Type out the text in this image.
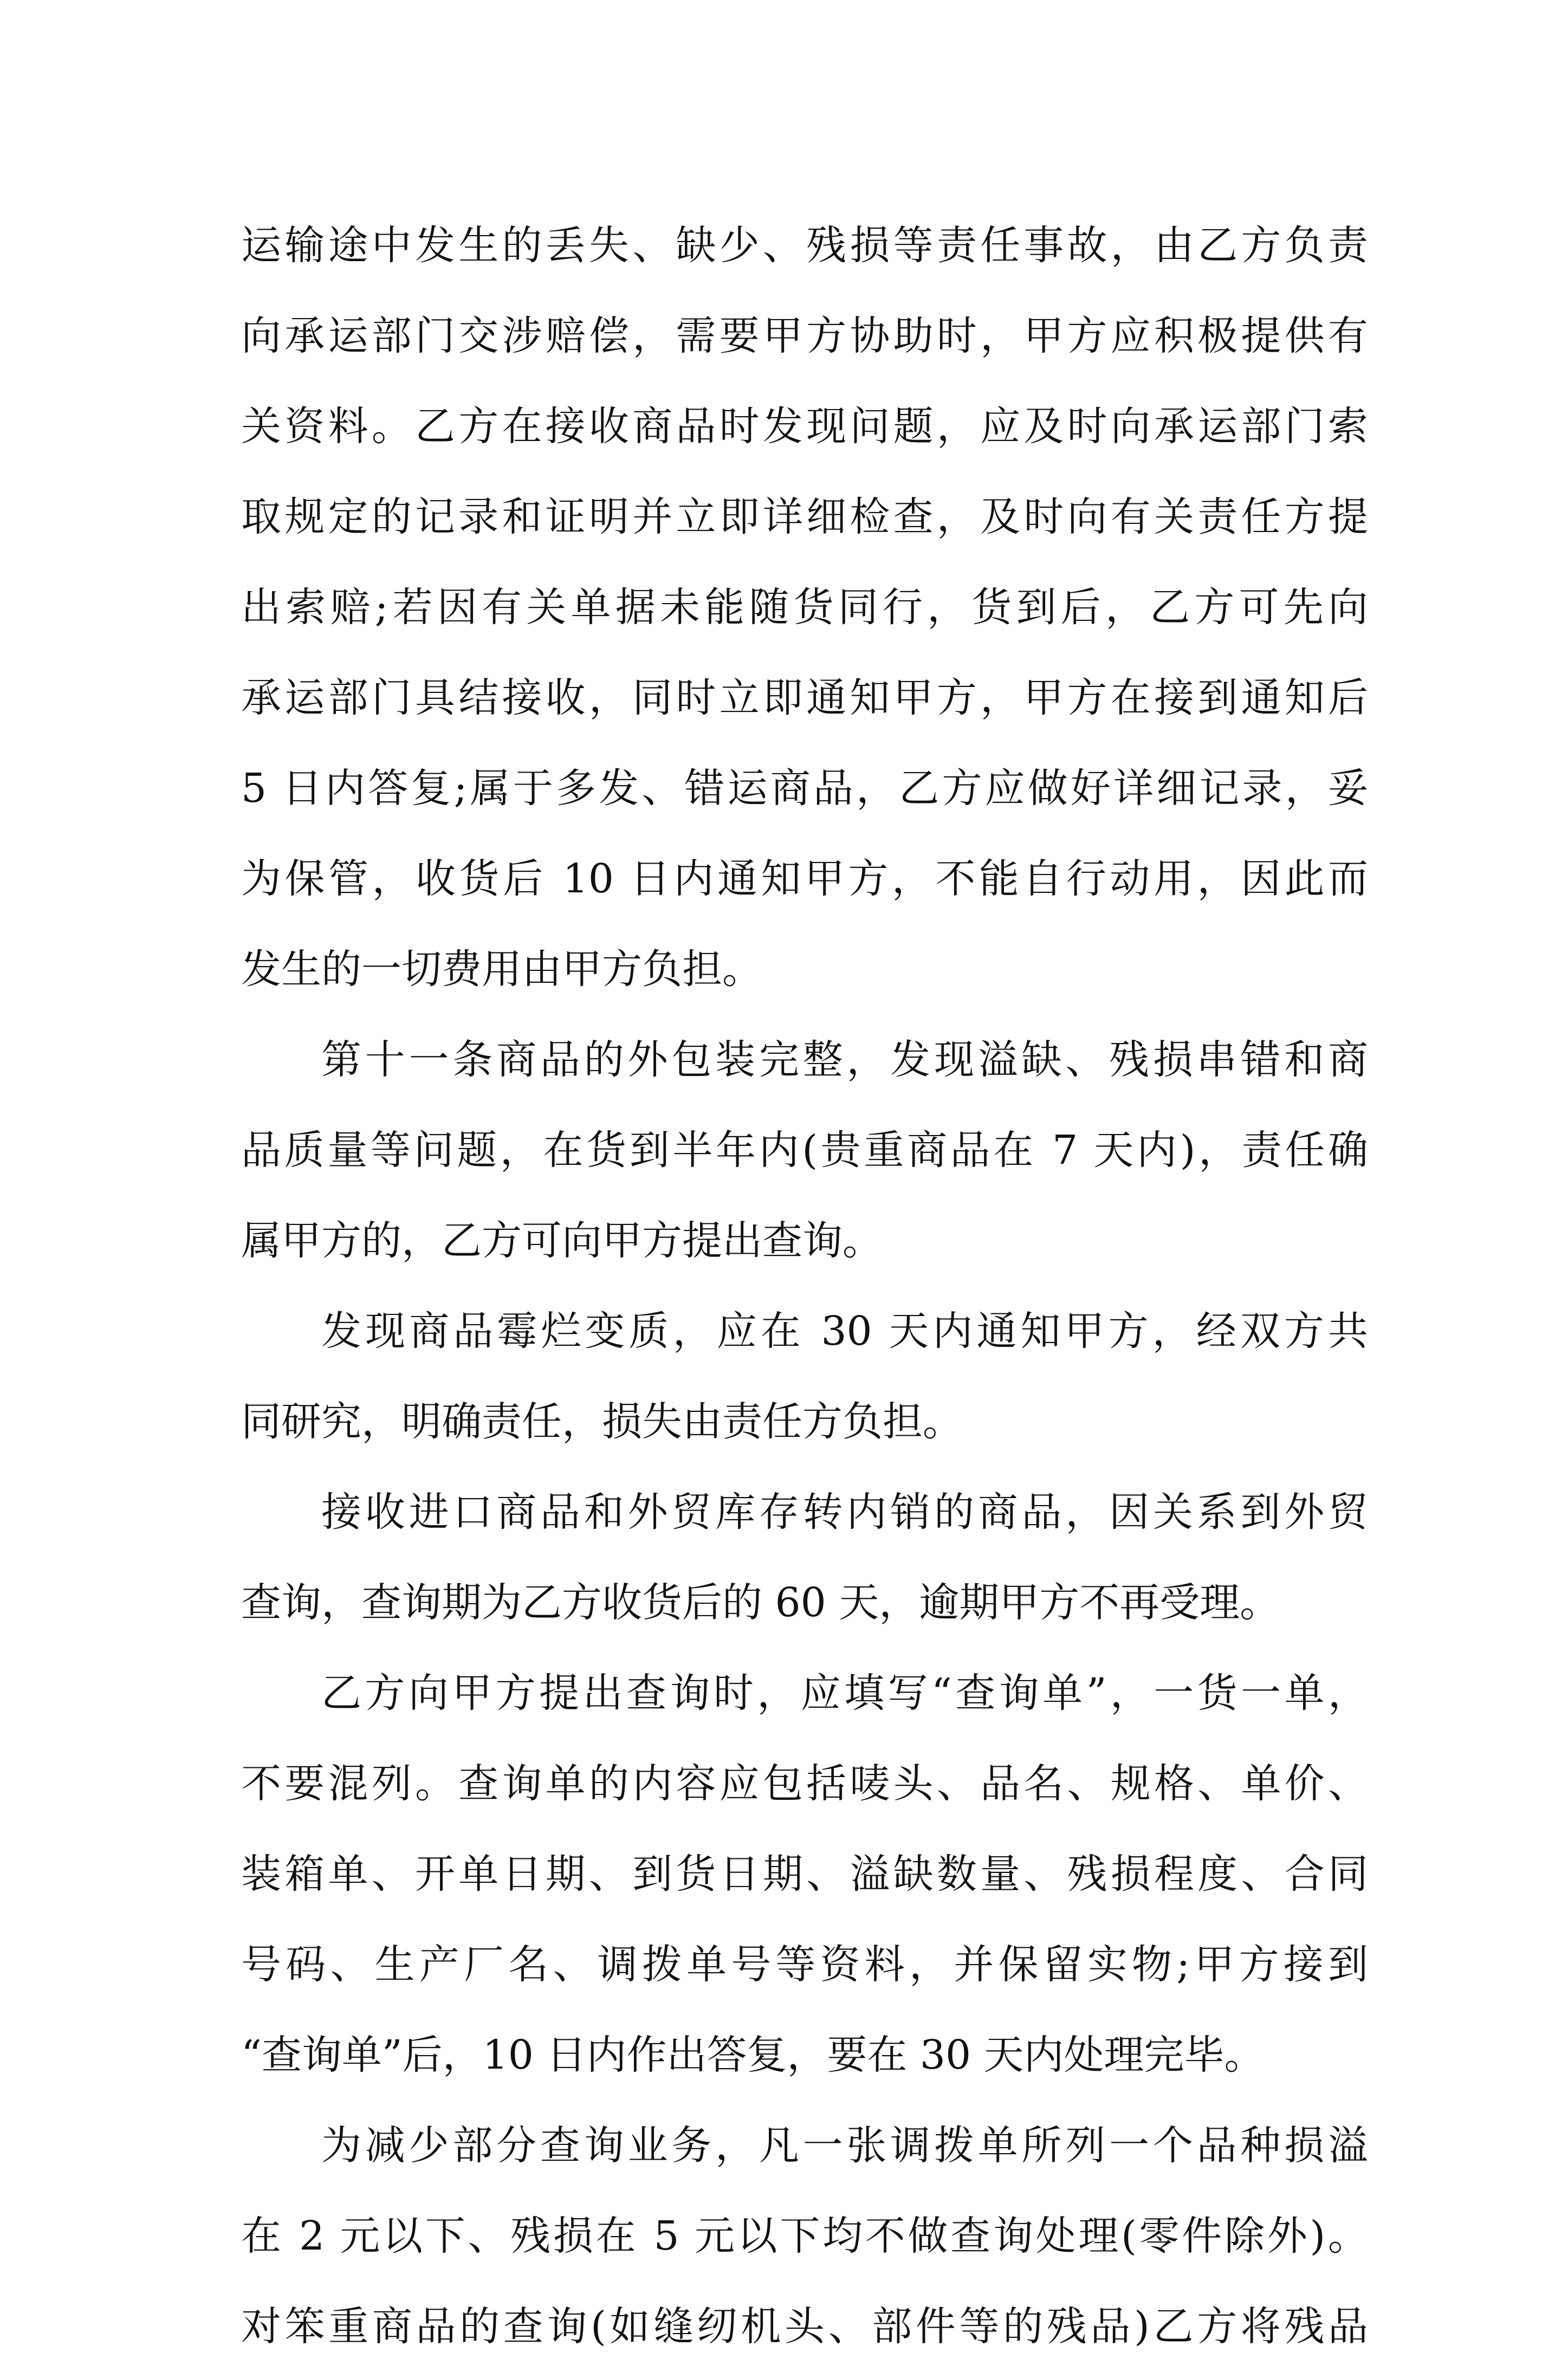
运输途中发生的丢失、缺少、残损等责任事故，由乙方负责
向承运部门交涉赔偿，需要甲方协助时，甲方应积极提供有
关资料。乙方在接收商品时发现问题，应及时向承运部门索
取规定的记录和证明并立即详细检查，及时向有关责任方提
出索赔;若因有关单据未能随货同行，货到后，乙方可先向
承运部门具结接收，同时立即通知甲方，甲方在接到通知后
5 日内答复;属于多发、错运商品，乙方应做好详细记录，妥
为保管，收货后 10 日内通知甲方，不能自行动用，因此而
发生的一切费用由甲方负担。
第十一条商品的外包装完整，发现溢缺、残损串错和商
品质量等问题，在货到半年内(贵重商品在 7 天内)，责任确
属甲方的，乙方可向甲方提出查询。
发现商品霉烂变质，应在 30 天内通知甲方，经双方共
同研究，明确责任，损失由责任方负担。
接收进口商品和外贸库存转内销的商品，因关系到外贸
查询，查询期为乙方收货后的 60 天，逾期甲方不再受理。
乙方向甲方提出查询时，应填写“查询单”，一货一单，
不要混列。查询单的内容应包括唛头、品名、规格、单价、
装箱单、开单日期、到货日期、溢缺数量、残损程度、合同
号码、生产厂名、调拨单号等资料，并保留实物;甲方接到
“查询单”后，10 日内作出答复，要在 30 天内处理完毕。
为减少部分查询业务，凡一张调拨单所列一个品种损溢
在 2 元以下、残损在 5 元以下均不做查询处理(零件除外)。
对笨重商品的查询(如缝纫机头、部件等的残品)乙方将残品
